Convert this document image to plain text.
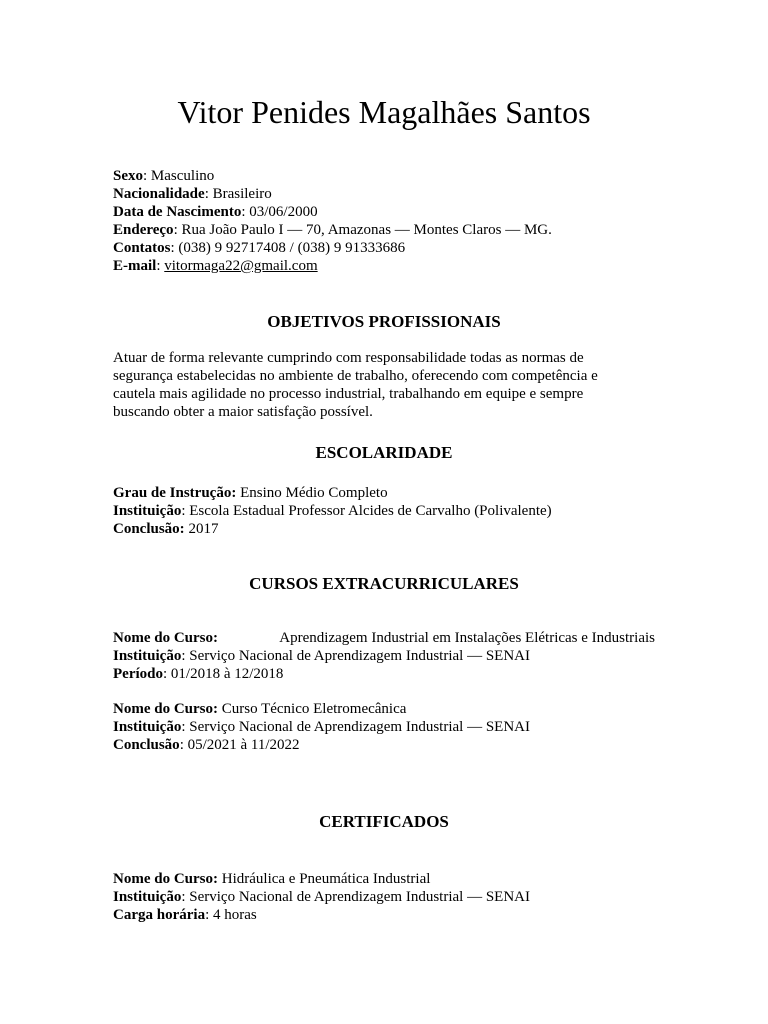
Vitor Penides Magalhães Santos
Sexo: Masculino
Nacionalidade: Brasileiro
Data de Nascimento: 03/06/2000
Endereço: Rua João Paulo I — 70, Amazonas — Montes Claros — MG.
Contatos: (038) 9 92717408 / (038) 9 91333686
E-mail: vitormaga22@gmail.com
OBJETIVOS PROFISSIONAIS
Atuar de forma relevante cumprindo com responsabilidade todas as normas de
segurança estabelecidas no ambiente de trabalho, oferecendo com competência e
cautela mais agilidade no processo industrial, trabalhando em equipe e sempre
buscando obter a maior satisfação possível.
ESCOLARIDADE
Grau de Instrução: Ensino Médio Completo
Instituição: Escola Estadual Professor Alcides de Carvalho (Polivalente)
Conclusão: 2017
CURSOS EXTRACURRICULARES
Nome do Curso:	Aprendizagem Industrial em Instalações Elétricas e Industriais
Instituição: Serviço Nacional de Aprendizagem Industrial — SENAI
Período: 01/2018 à 12/2018
Nome do Curso: Curso Técnico Eletromecânica
Instituição: Serviço Nacional de Aprendizagem Industrial — SENAI
Conclusão: 05/2021 à 11/2022
CERTIFICADOS
Nome do Curso: Hidráulica e Pneumática Industrial
Instituição: Serviço Nacional de Aprendizagem Industrial — SENAI
Carga horária: 4 horas
